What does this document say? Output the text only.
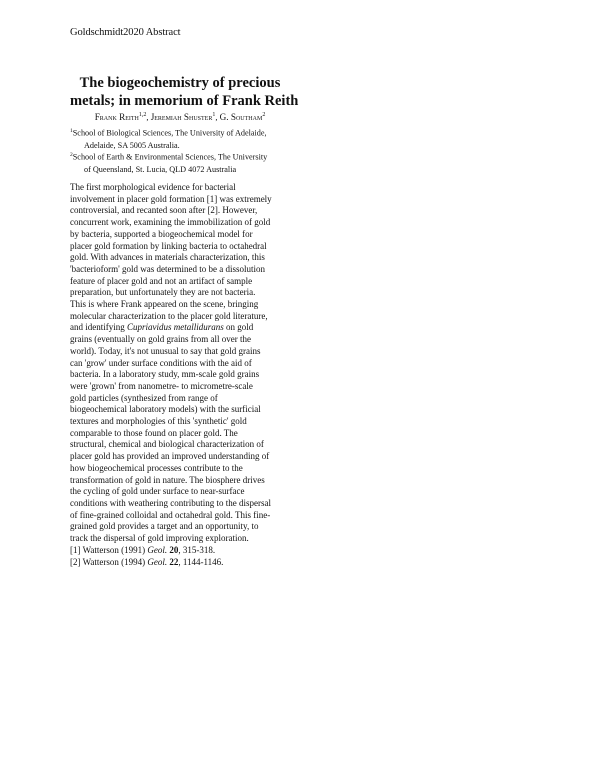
Goldschmidt2020 Abstract
The biogeochemistry of precious
metals; in memorium of Frank Reith
Frank Reith$^{1,2}$, Jeremiah Shuster$^1$, G. Southam$^2$
$^1$School of Biological Sciences, The University of Adelaide,
Adelaide, SA 5005 Australia.
$^2$School of Earth & Environmental Sciences, The University
of Queensland, St. Lucia, QLD 4072 Australia
The first morphological evidence for bacterial
involvement in placer gold formation [1] was extremely
controversial, and recanted soon after [2]. However,
concurrent work, examining the immobilization of gold
by bacteria, supported a biogeochemical model for
placer gold formation by linking bacteria to octahedral
gold. With advances in materials characterization, this
'bacterioform' gold was determined to be a dissolution
feature of placer gold and not an artifact of sample
preparation, but unfortunately they are not bacteria.
This is where Frank appeared on the scene, bringing
molecular characterization to the placer gold literature,
and identifying Cupriavidus metallidurans on gold
grains (eventually on gold grains from all over the
world). Today, it's not unusual to say that gold grains
can 'grow' under surface conditions with the aid of
bacteria. In a laboratory study, mm-scale gold grains
were 'grown' from nanometre- to micrometre-scale
gold particles (synthesized from range of
biogeochemical laboratory models) with the surficial
textures and morphologies of this 'synthetic' gold
comparable to those found on placer gold. The
structural, chemical and biological characterization of
placer gold has provided an improved understanding of
how biogeochemical processes contribute to the
transformation of gold in nature. The biosphere drives
the cycling of gold under surface to near-surface
conditions with weathering contributing to the dispersal
of fine-grained colloidal and octahedral gold. This fine-
grained gold provides a target and an opportunity, to
track the dispersal of gold improving exploration.
[1] Watterson (1991) Geol. 20, 315-318.
[2] Watterson (1994) Geol. 22, 1144-1146.
